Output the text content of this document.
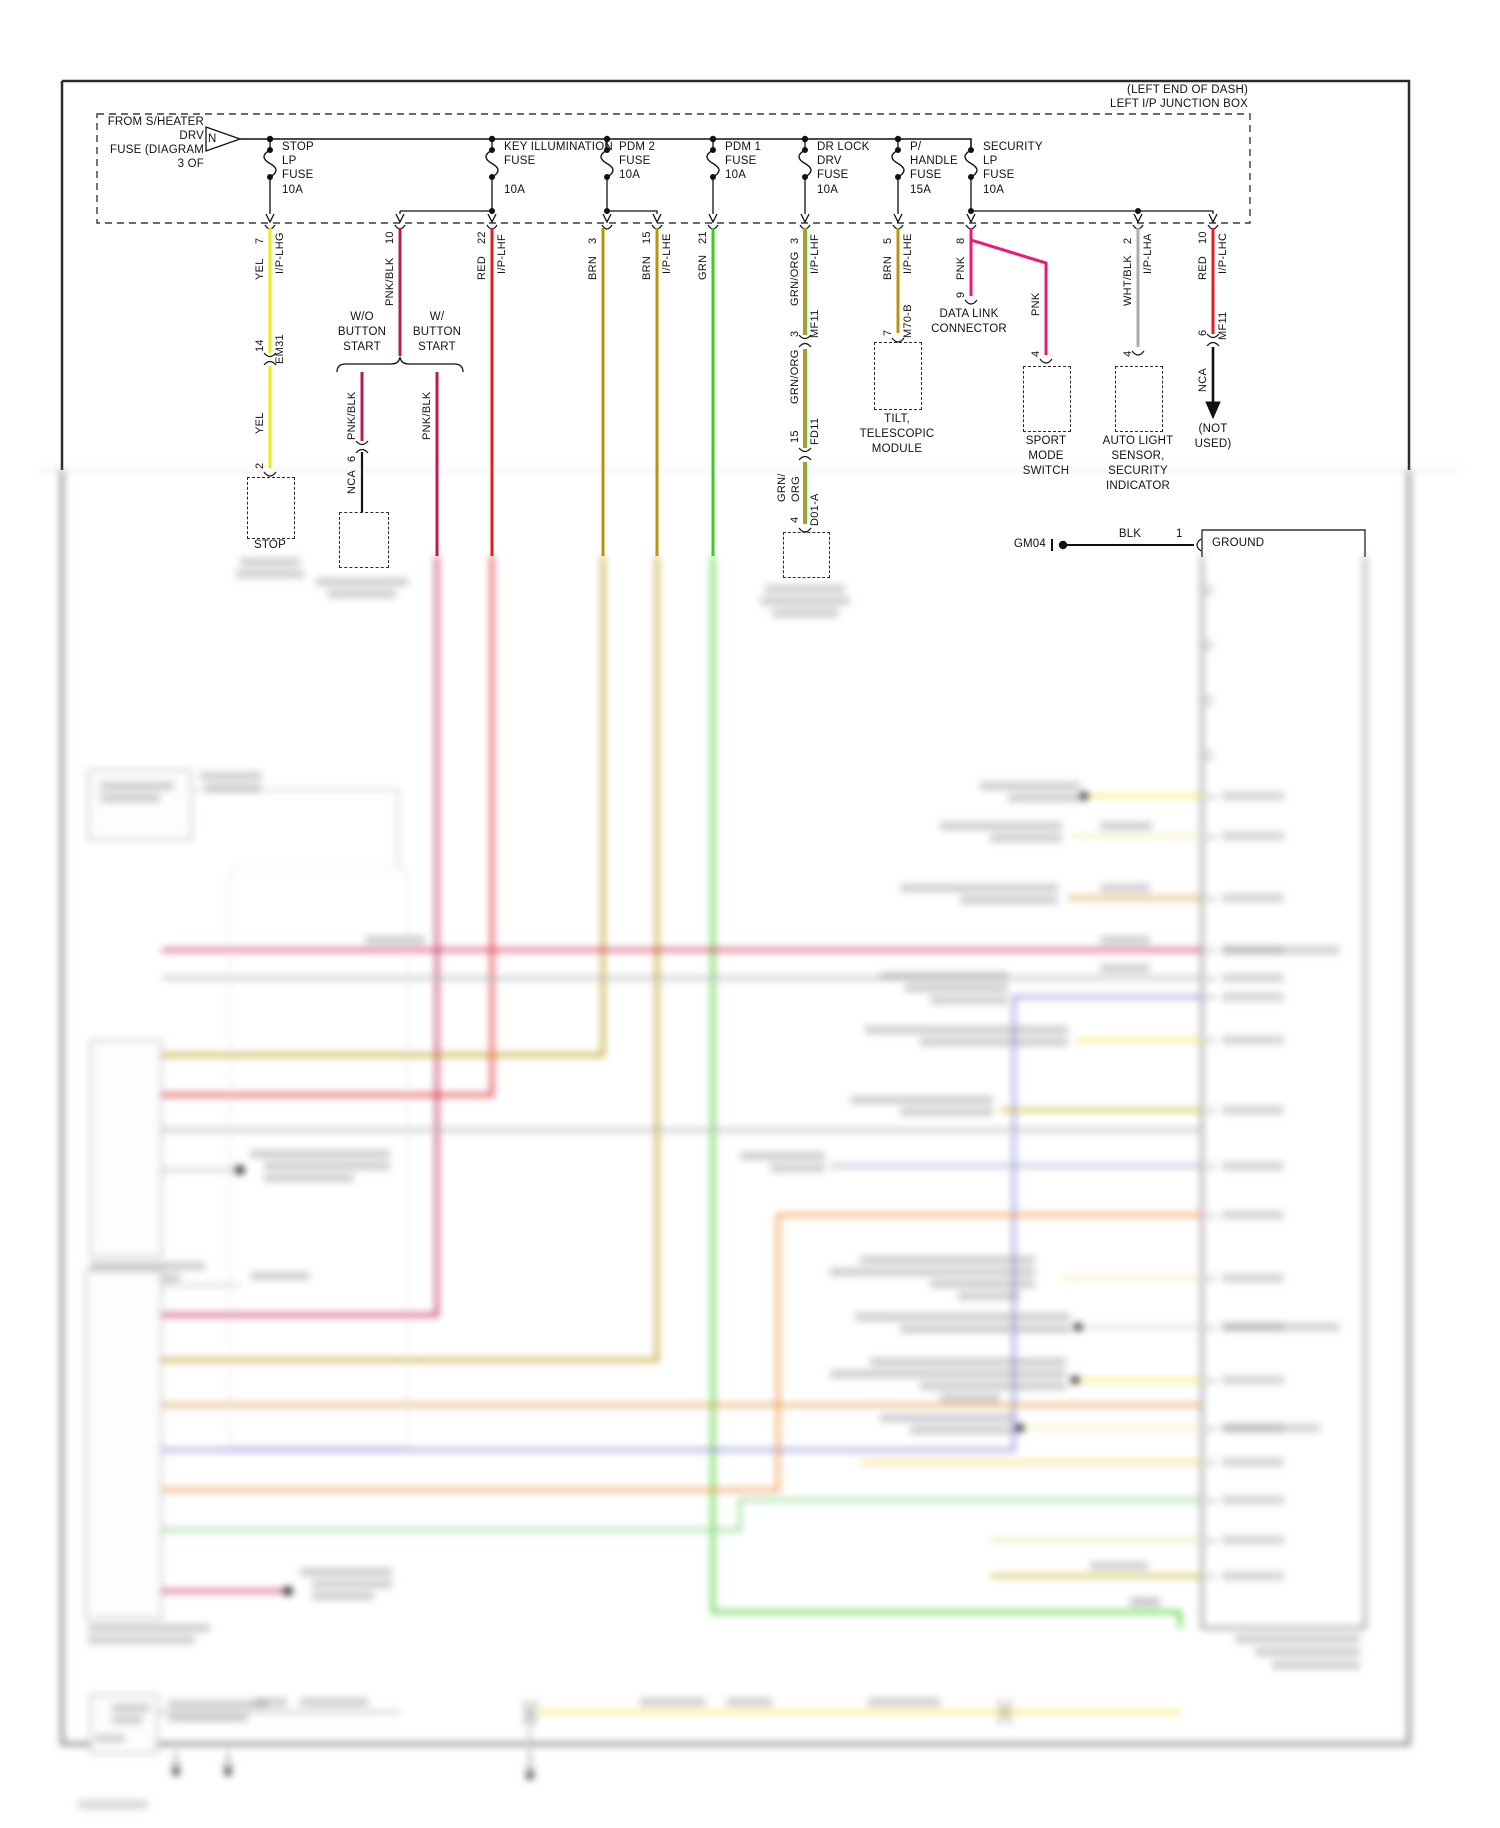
(LEFT END OF DASH)
LEFT I/P JUNCTION BOX
FROM S/HEATER
DRV
FUSE (DIAGRAM
3 OF
N
STOP
LP
FUSE
10A
KEY ILLUMINATION
FUSE
10A
PDM 2
FUSE
10A
PDM 1
FUSE
10A
DR LOCK
DRV
FUSE
10A
P/
HANDLE
FUSE
15A
SECURITY
LP
FUSE
10A
7 I/P-LHG
YEL
10
PNK/BLK
22 I/P-LHF
RED
3
BRN
15 I/P-LHE
BRN
21
GRN
3 I/P-LHF
GRN/ORG
5 I/P-LHE
BRN
8
PNK
2 I/P-LHA
WHT/BLK
10 I/P-LHC
RED
14 EM31
YEL
2
6
NCA
PNK/BLK	PNK/BLK
3 MF11
GRN/ORG
15 FD11
GRN/ ORG
4 D01-A
7 M70-B
9	PNK
4	4
6 MF11
NCA
W/O
BUTTON
START
W/
BUTTON
START
STOP
TILT,
TELESCOPIC
MODULE
DATA LINK
CONNECTOR
SPORT
MODE
SWITCH
AUTO LIGHT
SENSOR,
SECURITY
INDICATOR
(NOT
USED)
GM04
BLK	1
GROUND
